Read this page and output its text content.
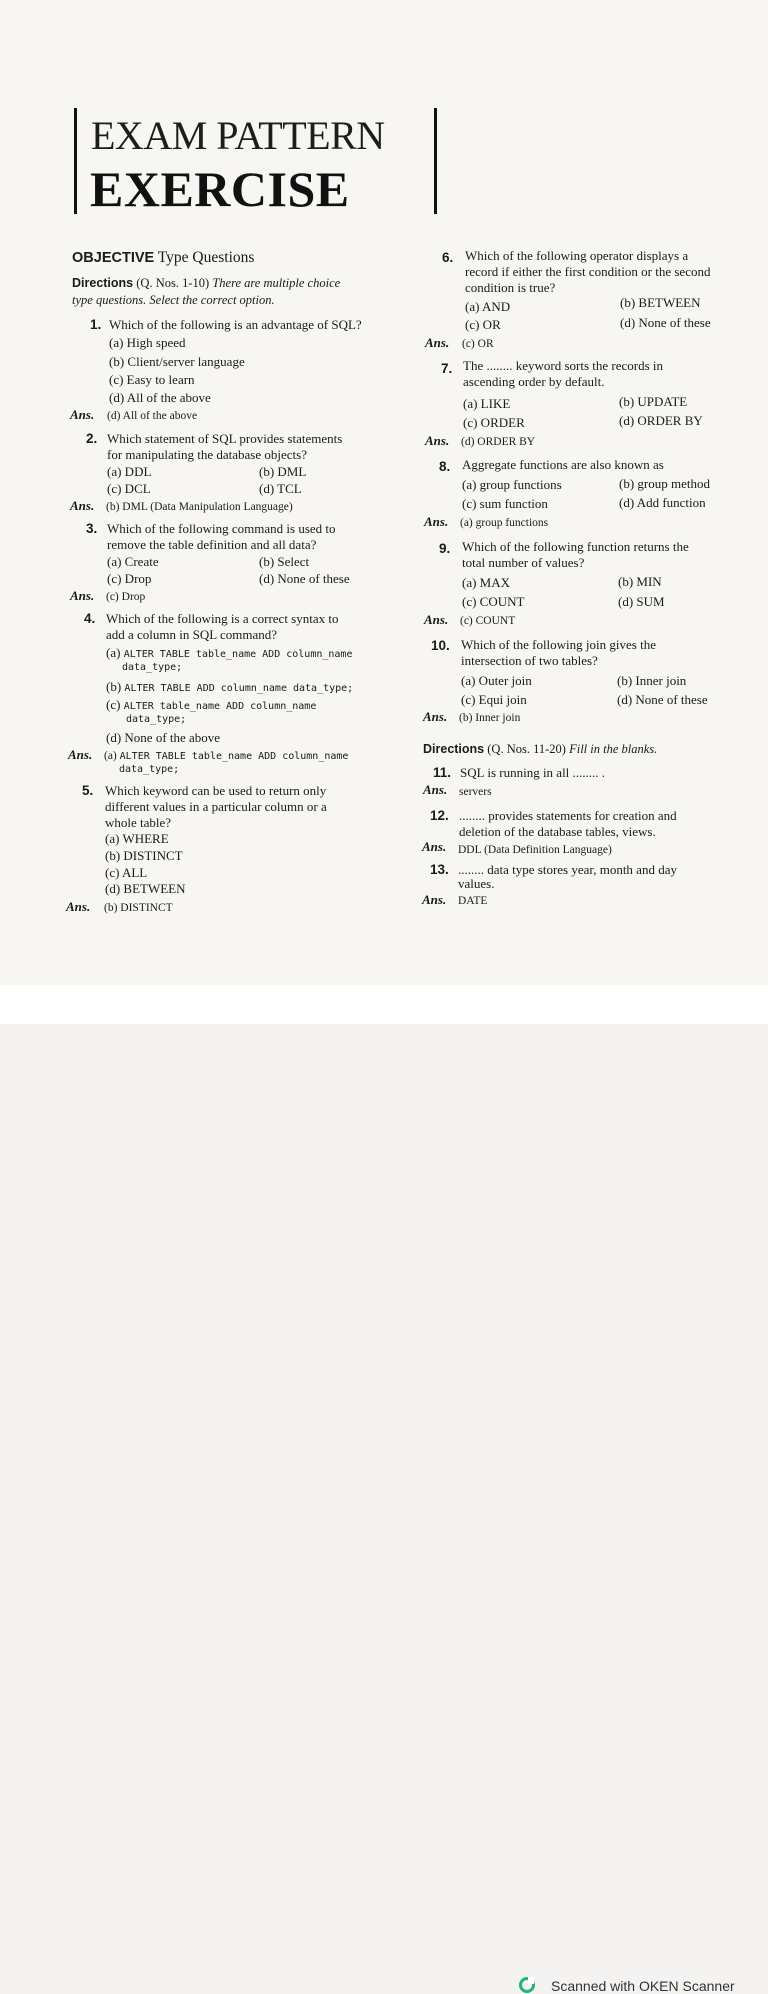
EXAM PATTERN
EXERCISE
OBJECTIVE Type Questions
Directions (Q. Nos. 1-10) There are multiple choice
type questions. Select the correct option.
1. Which of the following is an advantage of SQL?
(a) High speed
(b) Client/server language
(c) Easy to learn
(d) All of the above
Ans. (d) All of the above
2. Which statement of SQL provides statements
for manipulating the database objects?
(a) DDL	(b) DML
(c) DCL	(d) TCL
Ans. (b) DML (Data Manipulation Language)
3. Which of the following command is used to
remove the table definition and all data?
(a) Create	(b) Select
(c) Drop	(d) None of these
Ans. (c) Drop
4. Which of the following is a correct syntax to
add a column in SQL command?
(a) ALTER TABLE table_name ADD column_name
data_type;
(b) ALTER TABLE ADD column_name data_type;
(c) ALTER table_name ADD column_name
data_type;
(d) None of the above
Ans. (a) ALTER TABLE table_name ADD column_name
data_type;
5. Which keyword can be used to return only
different values in a particular column or a
whole table?
(a) WHERE
(b) DISTINCT
(c) ALL
(d) BETWEEN
Ans. (b) DISTINCT
6. Which of the following operator displays a
record if either the first condition or the second
condition is true?
(a) AND	(b) BETWEEN
(c) OR	(d) None of these
Ans. (c) OR
7. The ........ keyword sorts the records in
ascending order by default.
(a) LIKE	(b) UPDATE
(c) ORDER	(d) ORDER BY
Ans. (d) ORDER BY
8. Aggregate functions are also known as
(a) group functions	(b) group method
(c) sum function	(d) Add function
Ans. (a) group functions
9. Which of the following function returns the
total number of values?
(a) MAX	(b) MIN
(c) COUNT	(d) SUM
Ans. (c) COUNT
10. Which of the following join gives the
intersection of two tables?
(a) Outer join	(b) Inner join
(c) Equi join	(d) None of these
Ans. (b) Inner join
Directions (Q. Nos. 11-20) Fill in the blanks.
11. SQL is running in all ........ .
Ans. servers
12. ........ provides statements for creation and
deletion of the database tables, views.
Ans. DDL (Data Definition Language)
13. ........ data type stores year, month and day
values.
Ans. DATE
Scanned with OKEN Scanner
